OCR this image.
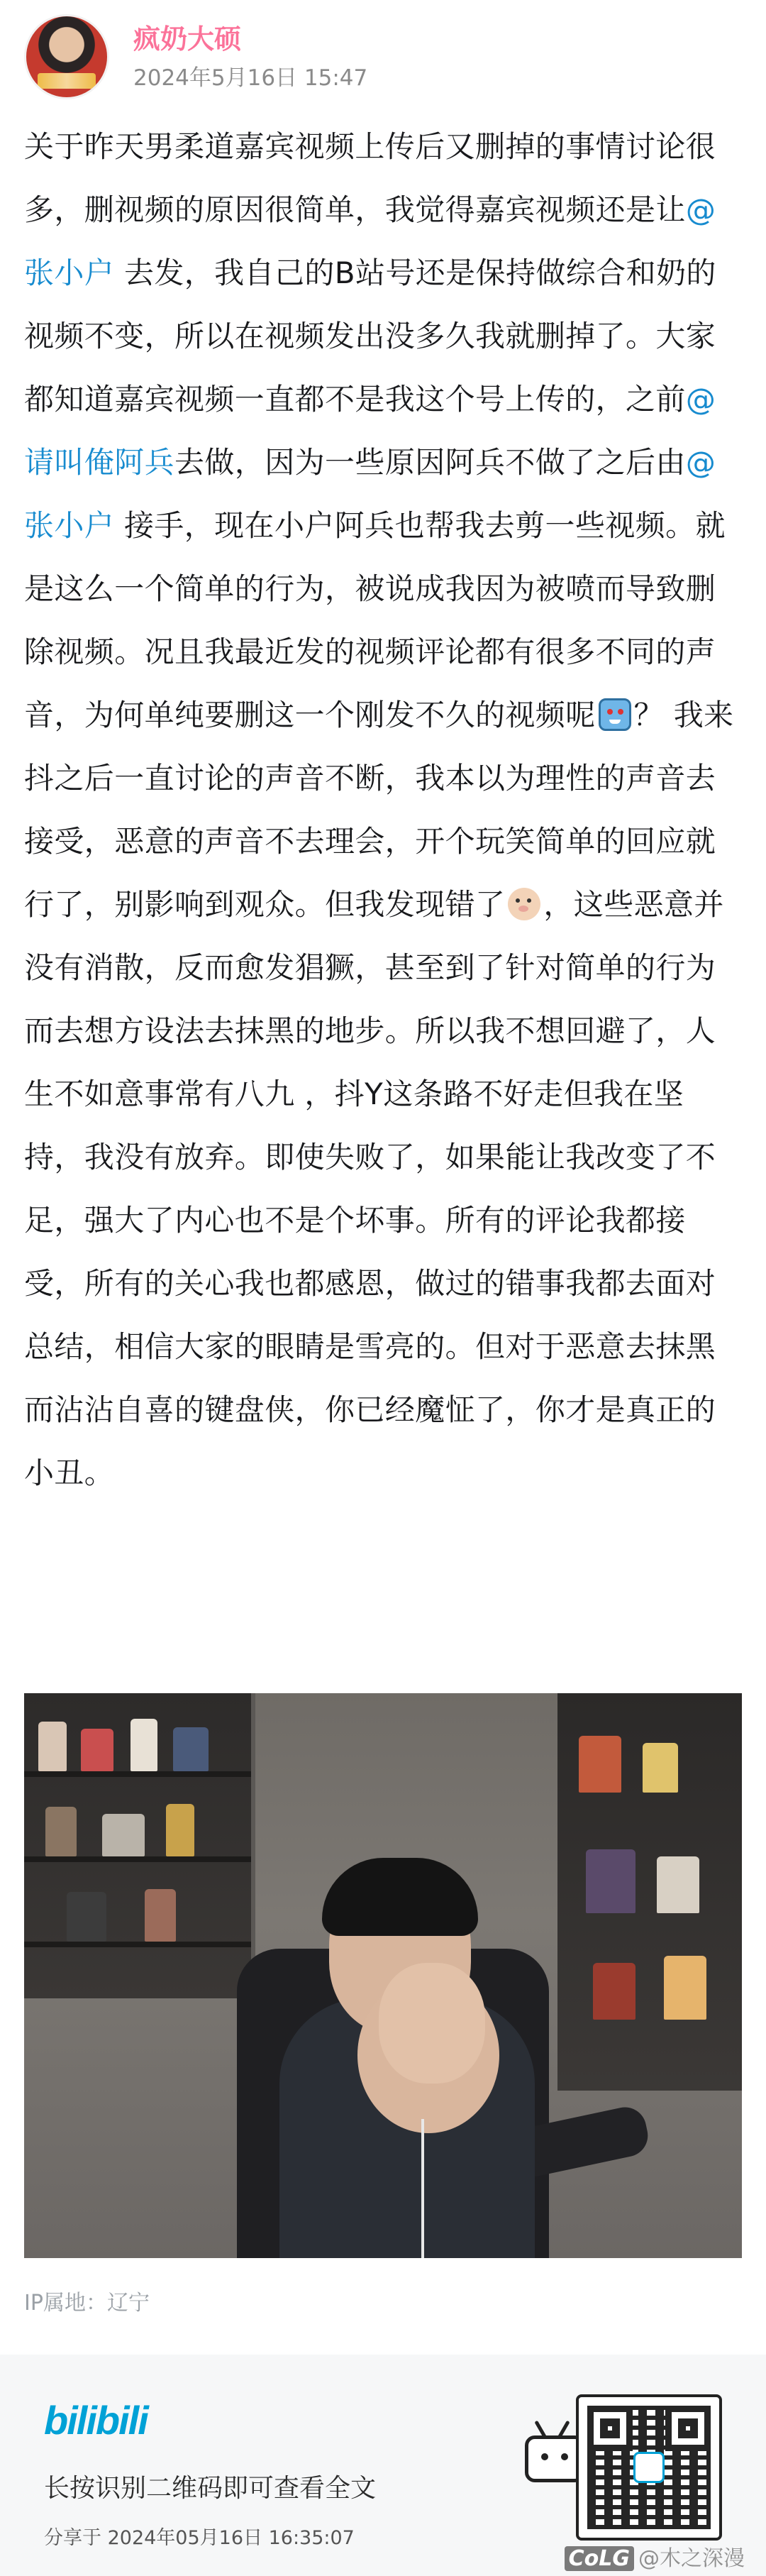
疯奶大硕
2024年5月16日 15:47
关于昨天男柔道嘉宾视频上传后又删掉的事情讨论很多，删视频的原因很简单，我觉得嘉宾视频还是让@张小户 去发，我自己的B站号还是保持做综合和奶的视频不变，所以在视频发出没多久我就删掉了。大家都知道嘉宾视频一直都不是我这个号上传的，之前@请叫俺阿兵去做，因为一些原因阿兵不做了之后由@张小户 接手，现在小户阿兵也帮我去剪一些视频。就是这么一个简单的行为，被说成我因为被喷而导致删除视频。况且我最近发的视频评论都有很多不同的声音，为何单纯要删这一个刚发不久的视频呢 ？ 我来抖之后一直讨论的声音不断，我本以为理性的声音去接受，恶意的声音不去理会，开个玩笑简单的回应就行了，别影响到观众。但我发现错了 ，这些恶意并没有消散，反而愈发猖獗，甚至到了针对简单的行为而去想方设法去抹黑的地步。所以我不想回避了，人生不如意事常有八九 ，抖Y这条路不好走但我在坚持，我没有放弃。即使失败了，如果能让我改变了不足，强大了内心也不是个坏事。所有的评论我都接受，所有的关心我也都感恩，做过的错事我都去面对总结，相信大家的眼睛是雪亮的。但对于恶意去抹黑而沾沾自喜的键盘侠，你已经魔怔了，你才是真正的小丑。
IP属地：辽宁
bilibili
长按识别二维码即可查看全文
分享于 2024年05月16日 16:35:07
CoLG @木之深漫
